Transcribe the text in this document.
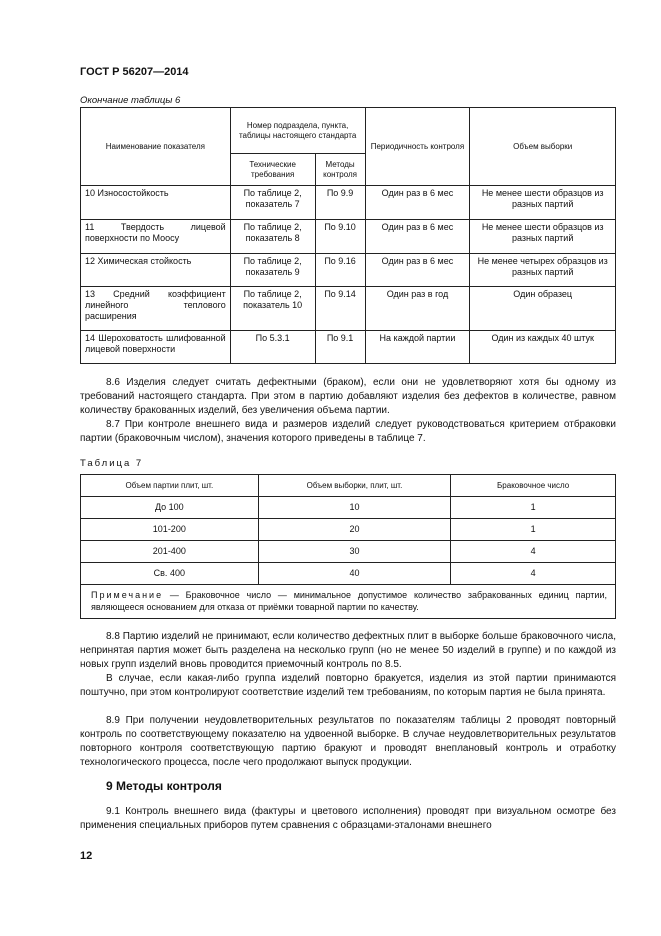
ГОСТ Р 56207—2014
Окончание таблицы 6
Наименование показателя	Номер подраздела, пункта, таблицы настоящего стандарта		Периодичность контроля	Объем выборки
	Технические требования	Методы контроля		
10 Износостойкость	По таблице 2, показатель 7	По 9.9	Один раз в 6 мес	Не менее шести образцов из разных партий
11 Твердость лицевой поверхности по Моосу	По таблице 2, показатель 8	По 9.10	Один раз в 6 мес	Не менее шести образцов из разных партий
12 Химическая стойкость	По таблице 2, показатель 9	По 9.16	Один раз в 6 мес	Не менее четырех образцов из разных партий
13 Средний коэффициент линейного теплового расширения	По таблице 2, показатель 10	По 9.14	Один раз в год	Один образец
14 Шероховатость шлифованной лицевой поверхности	По 5.3.1	По 9.1	На каждой партии	Один из каждых 40 штук

8.6 Изделия следует считать дефектными (браком), если они не удовлетворяют хотя бы одному из требований настоящего стандарта. При этом в партию добавляют изделия без дефектов в количестве, равном количеству бракованных изделий, без увеличения объема партии.

8.7 При контроле внешнего вида и размеров изделий следует руководствоваться критерием отбраковки партии (браковочным числом), значения которого приведены в таблице 7.

Таблица 7
Объем партии плит, шт.	Объем выборки, плит, шт.	Браковочное число
До 100	10	1
101-200	20	1
201-400	30	4
Св. 400	40	4
Примечание — Браковочное число — минимальное допустимое количество забракованных единиц партии, являющееся основанием для отказа от приёмки товарной партии по качеству.		

8.8 Партию изделий не принимают, если количество дефектных плит в выборке больше браковочного числа, непринятая партия может быть разделена на несколько групп (но не менее 50 изделий в группе) и по каждой из новых групп изделий вновь проводится приемочный контроль по 8.5.

В случае, если какая-либо группа изделий повторно бракуется, изделия из этой партии принимаются поштучно, при этом контролируют соответствие изделий тем требованиям, по которым партия не была принята.

8.9 При получении неудовлетворительных результатов по показателям таблицы 2 проводят повторный контроль по соответствующему показателю на удвоенной выборке. В случае неудовлетворительных результатов повторного контроля соответствующую партию бракуют и проводят внеплановый контроль и отработку технологического процесса, после чего продолжают выпуск продукции.

9 Методы контроля

9.1 Контроль внешнего вида (фактуры и цветового исполнения) проводят при визуальном осмотре без применения специальных приборов путем сравнения с образцами-эталонами внешнего

12
